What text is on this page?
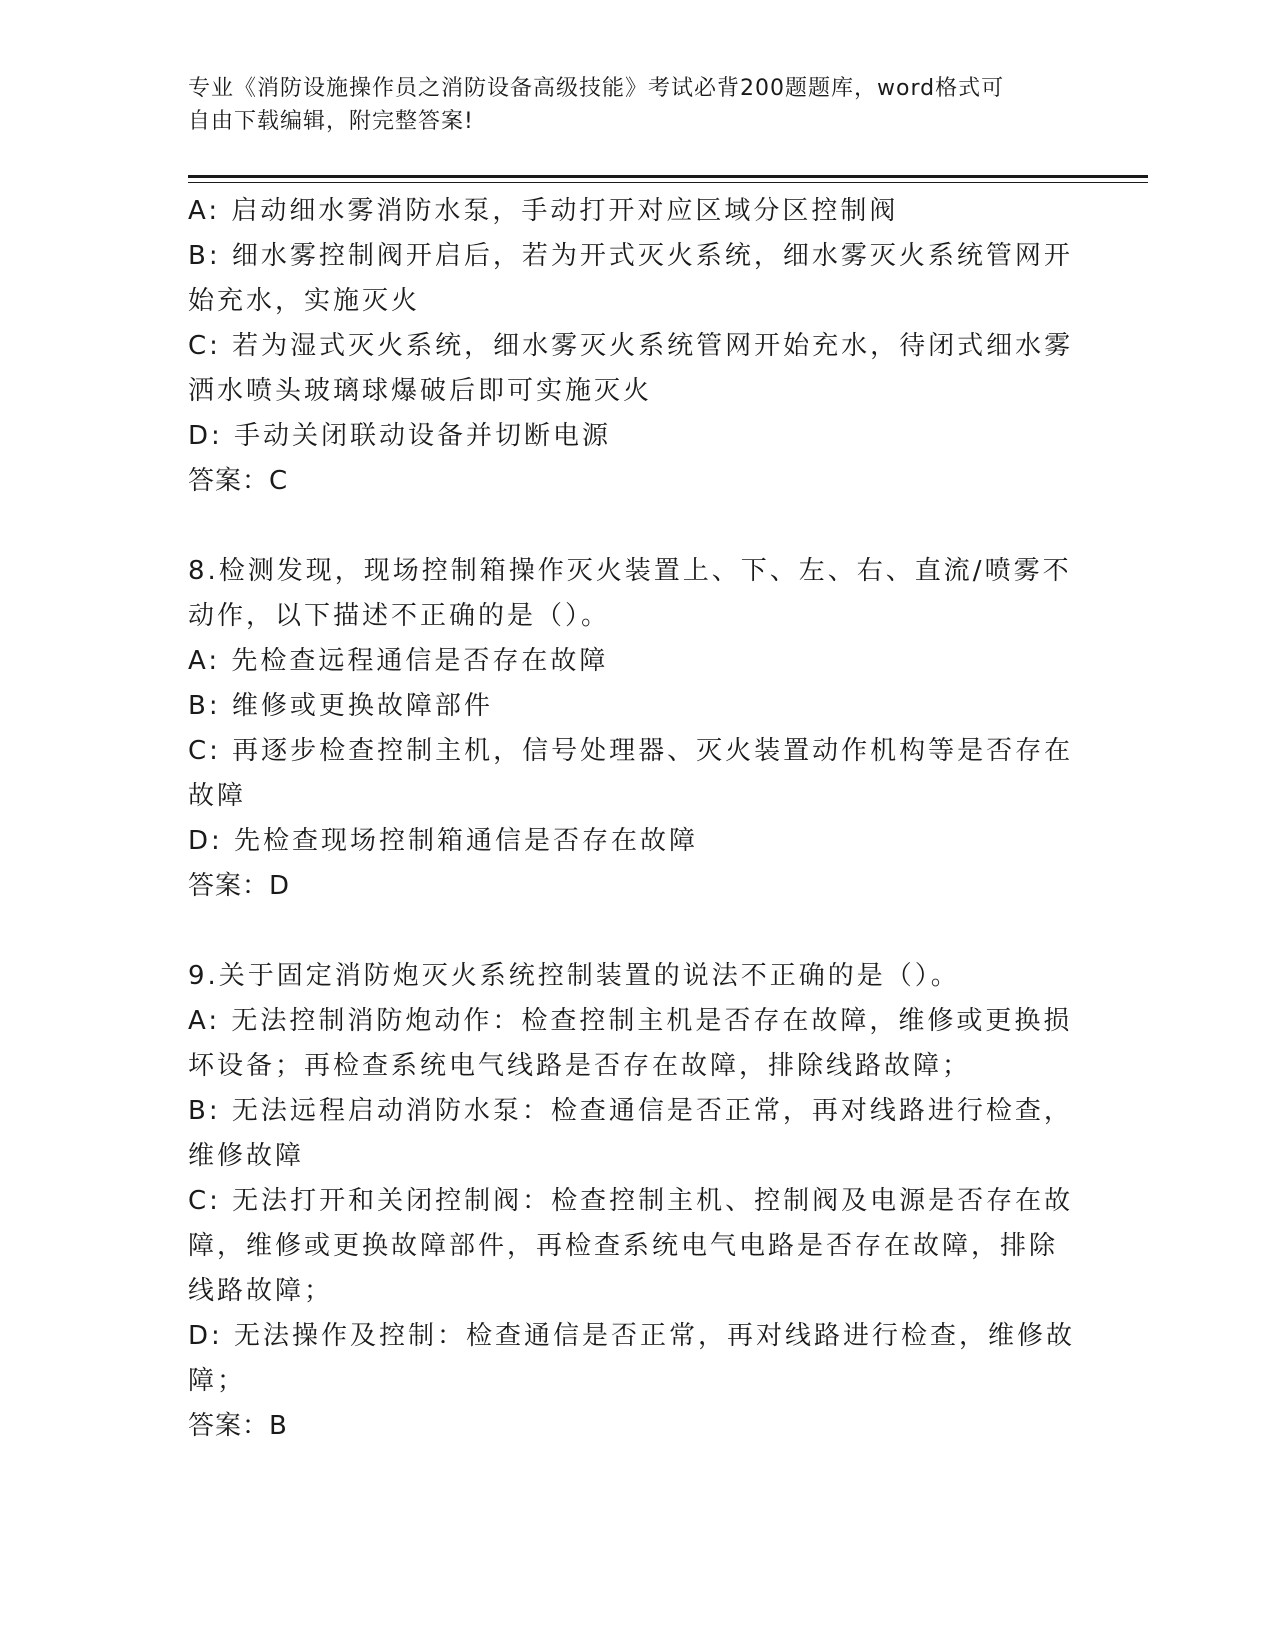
专业《消防设施操作员之消防设备高级技能》考试必背200题题库，word格式可
自由下载编辑，附完整答案!

A: 启动细水雾消防水泵，手动打开对应区域分区控制阀

B: 细水雾控制阀开启后，若为开式灭火系统，细水雾灭火系统管网开始充水，实施灭火

C: 若为湿式灭火系统，细水雾灭火系统管网开始充水，待闭式细水雾洒水喷头玻璃球爆破后即可实施灭火

D: 手动关闭联动设备并切断电源

答案：C

8.检测发现，现场控制箱操作灭火装置上、下、左、右、直流/喷雾不动作，以下描述不正确的是（）。

A: 先检查远程通信是否存在故障

B: 维修或更换故障部件

C: 再逐步检查控制主机，信号处理器、灭火装置动作机构等是否存在故障

D: 先检查现场控制箱通信是否存在故障

答案：D

9.关于固定消防炮灭火系统控制装置的说法不正确的是（）。

A: 无法控制消防炮动作：检查控制主机是否存在故障，维修或更换损坏设备；再检查系统电气线路是否存在故障，排除线路故障；

B: 无法远程启动消防水泵：检查通信是否正常，再对线路进行检查，维修故障

C: 无法打开和关闭控制阀：检查控制主机、控制阀及电源是否存在故障，维修或更换故障部件，再检查系统电气电路是否存在故障，排除线路故障；

D: 无法操作及控制：检查通信是否正常，再对线路进行检查，维修故障；

答案：B
